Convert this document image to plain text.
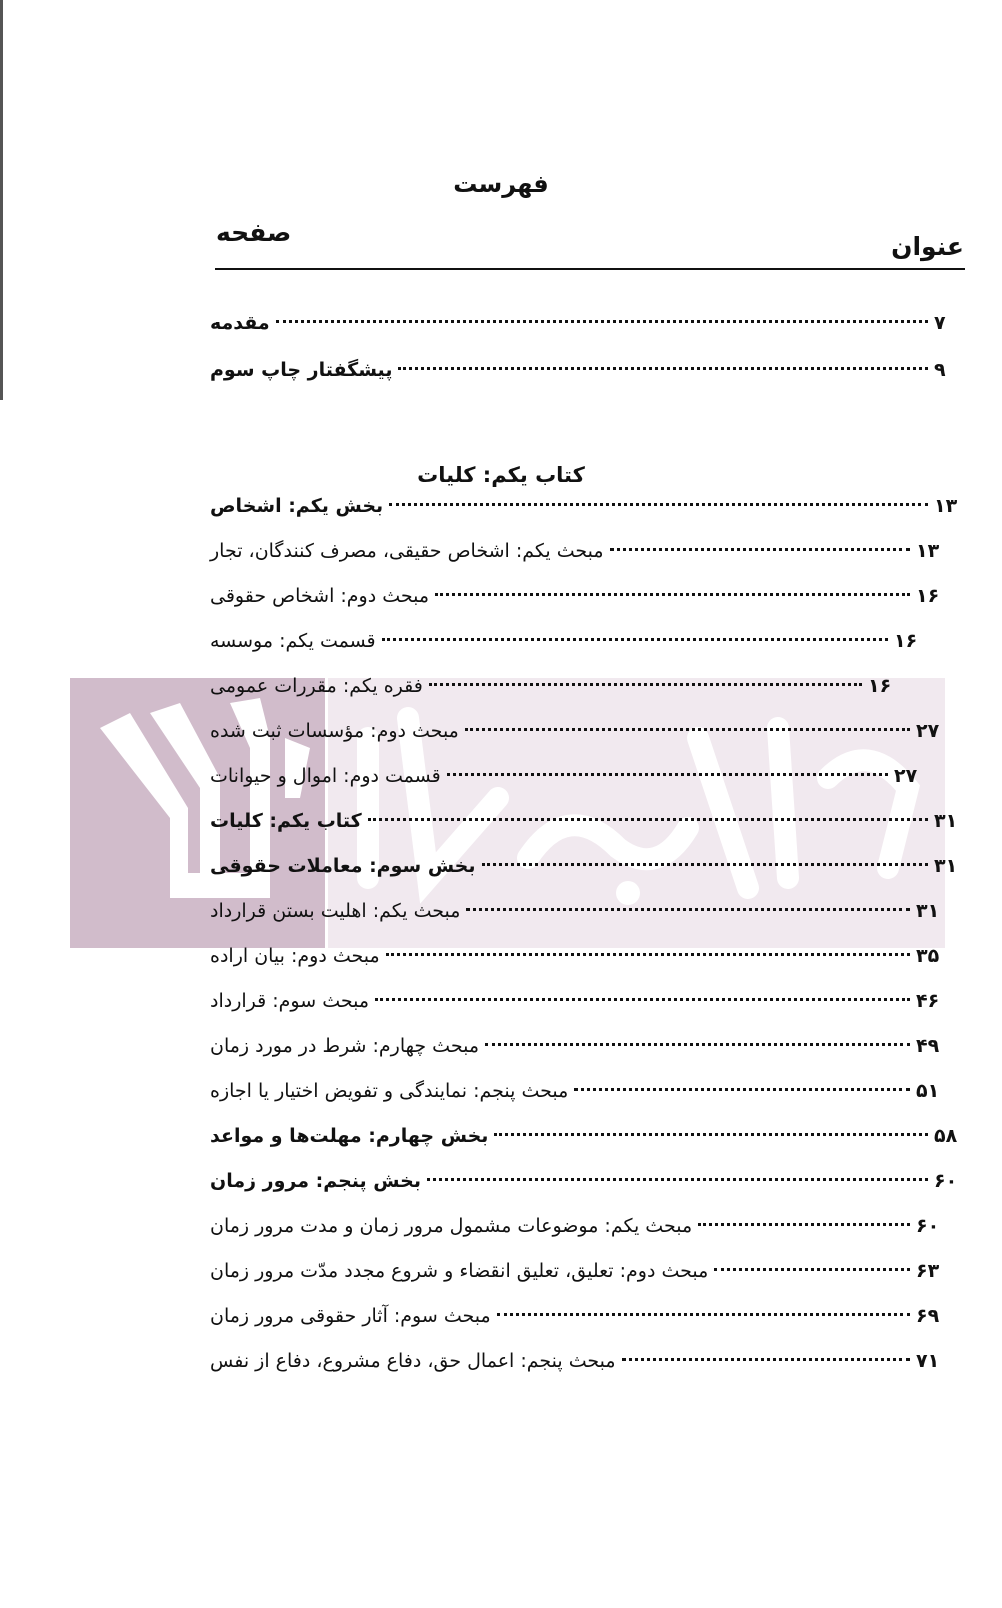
فهرست
عنوان
صفحه
مقدمه	۷
پیشگفتار چاپ سوم	۹
کتاب یکم: کلیات
بخش یکم: اشخاص	۱۳
مبحث یکم: اشخاص حقیقی، مصرف کنندگان، تجار	۱۳
مبحث دوم: اشخاص حقوقی	۱۶
قسمت یکم: موسسه	۱۶
فقره یکم: مقررات عمومی	۱۶
مبحث دوم: مؤسسات ثبت شده	۲۷
قسمت دوم: اموال و حیوانات	۲۷
کتاب یکم: کلیات	۳۱
بخش سوم: معاملات حقوقی	۳۱
مبحث یکم: اهلیت بستن قرارداد	۳۱
مبحث دوم: بیان اراده	۳۵
مبحث سوم: قرارداد	۴۶
مبحث چهارم: شرط در مورد زمان	۴۹
مبحث پنجم: نمایندگی و تفویض اختیار یا اجازه	۵۱
بخش چهارم: مهلت‌ها و مواعد	۵۸
بخش پنجم: مرور زمان	۶۰
مبحث یکم: موضوعات مشمول مرور زمان و مدت مرور زمان	۶۰
مبحث دوم: تعلیق، تعلیق انقضاء و شروع مجدد مدّت مرور زمان	۶۳
مبحث سوم: آثار حقوقی مرور زمان	۶۹
مبحث پنجم: اعمال حق، دفاع مشروع، دفاع از نفس	۷۱
